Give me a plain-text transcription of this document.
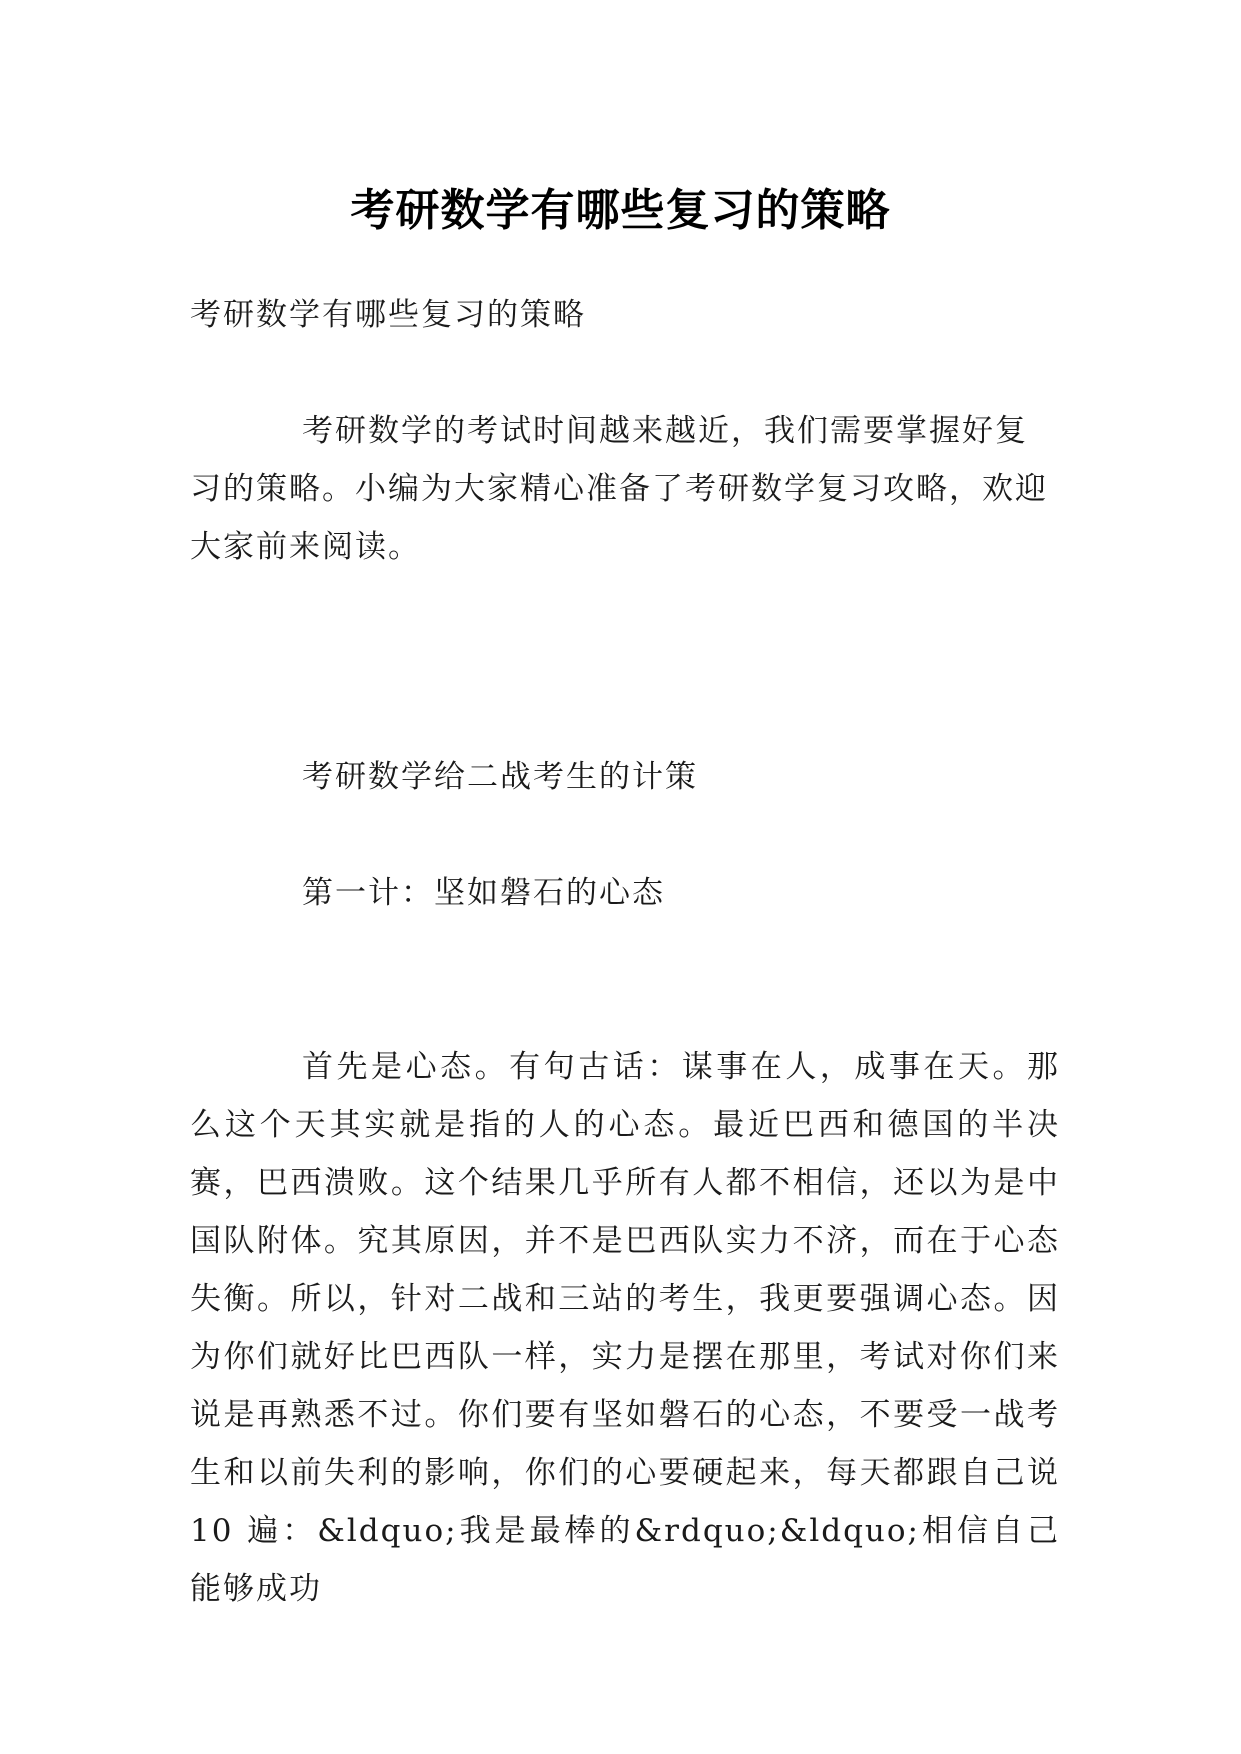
考研数学有哪些复习的策略

考研数学有哪些复习的策略

考研数学的考试时间越来越近，我们需要掌握好复习的策略。小编为大家精心准备了考研数学复习攻略，欢迎大家前来阅读。

考研数学给二战考生的计策

第一计：坚如磐石的心态

首先是心态。有句古话：谋事在人，成事在天。那么这个天其实就是指的人的心态。最近巴西和德国的半决赛，巴西溃败。这个结果几乎所有人都不相信，还以为是中国队附体。究其原因，并不是巴西队实力不济，而在于心态失衡。所以，针对二战和三站的考生，我更要强调心态。因为你们就好比巴西队一样，实力是摆在那里，考试对你们来说是再熟悉不过。你们要有坚如磐石的心态，不要受一战考生和以前失利的影响，你们的心要硬起来，每天都跟自己说 10 遍：&ldquo;我是最棒的&rdquo;&ldquo;相信自己能够成功
